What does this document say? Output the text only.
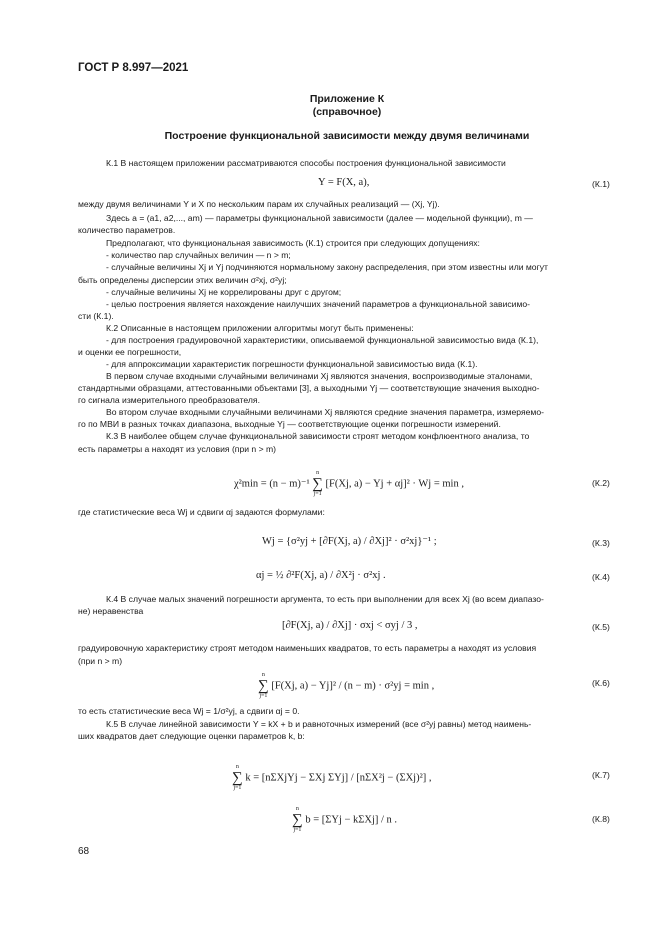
ГОСТ Р 8.997—2021
Приложение К
(справочное)
Построение функциональной зависимости между двумя величинами
К.1 В настоящем приложении рассматриваются способы построения функциональной зависимости
Y = F(X, a),	(К.1)
между двумя величинами Y и X по нескольким парам их случайных реализаций — (Xj, Yj).
Здесь a = (a1, a2,..., am) — параметры функциональной зависимости (далее — модельной функции), m —
количество параметров.
Предполагают, что функциональная зависимость (К.1) строится при следующих допущениях:
- количество пар случайных величин — n > m;
- случайные величины Xj и Yj подчиняются нормальному закону распределения, при этом известны или могут
быть определены дисперсии этих величин σ²xj, σ²yj;
- случайные величины Xj не коррелированы друг с другом;
- целью построения является нахождение наилучших значений параметров a функциональной зависимо-
сти (К.1).
К.2 Описанные в настоящем приложении алгоритмы могут быть применены:
- для построения градуировочной характеристики, описываемой функциональной зависимостью вида (К.1),
и оценки ее погрешности,
- для аппроксимации характеристик погрешности функциональной зависимостью вида (К.1).
В первом случае входными случайными величинами Xj являются значения, воспроизводимые эталонами,
стандартными образцами, аттестованными объектами [3], а выходными Yj — соответствующие значения выходно-
го сигнала измерительного преобразователя.
Во втором случае входными случайными величинами Xj являются средние значения параметра, измеряемо-
го по МВИ в разных точках диапазона, выходные Yj — соответствующие оценки погрешности измерений.
К.3 В наиболее общем случае функциональной зависимости строят методом конфлюентного анализа, то
есть параметры a находят из условия (при n > m)
χ²min = (n − m)⁻¹ n
∑
j=1 [F(Xj, a) − Yj + αj]² · Wj = min ,	(К.2)
где статистические веса Wj и сдвиги αj задаются формулами:
Wj = {σ²yj + [∂F(Xj, a) / ∂Xj]² · σ²xj}⁻¹ ;	(К.3)
αj = ½ ∂²F(Xj, a) / ∂X²j · σ²xj .	(К.4)
К.4 В случае малых значений погрешности аргумента, то есть при выполнении для всех Xj (во всем диапазо-
не) неравенства
[∂F(Xj, a) / ∂Xj] · σxj < σyj / 3 ,	(К.5)
градуировочную характеристику строят методом наименьших квадратов, то есть параметры a находят из условия
(при n > m)
n
∑
j=1 [F(Xj, a) − Yj]² / (n − m) · σ²yj = min ,	(К.6)
то есть статистические веса Wj = 1/σ²yj, а сдвиги αj = 0.
К.5 В случае линейной зависимости Y = kX + b и равноточных измерений (все σ²yj равны) метод наимень-
ших квадратов дает следующие оценки параметров k, b:
n
∑
j=1 k = [nΣXjYj − ΣXj ΣYj] / [nΣX²j − (ΣXj)²] ,	(К.7)
n
∑
j=1 b = [ΣYj − kΣXj] / n .	(К.8)
68
